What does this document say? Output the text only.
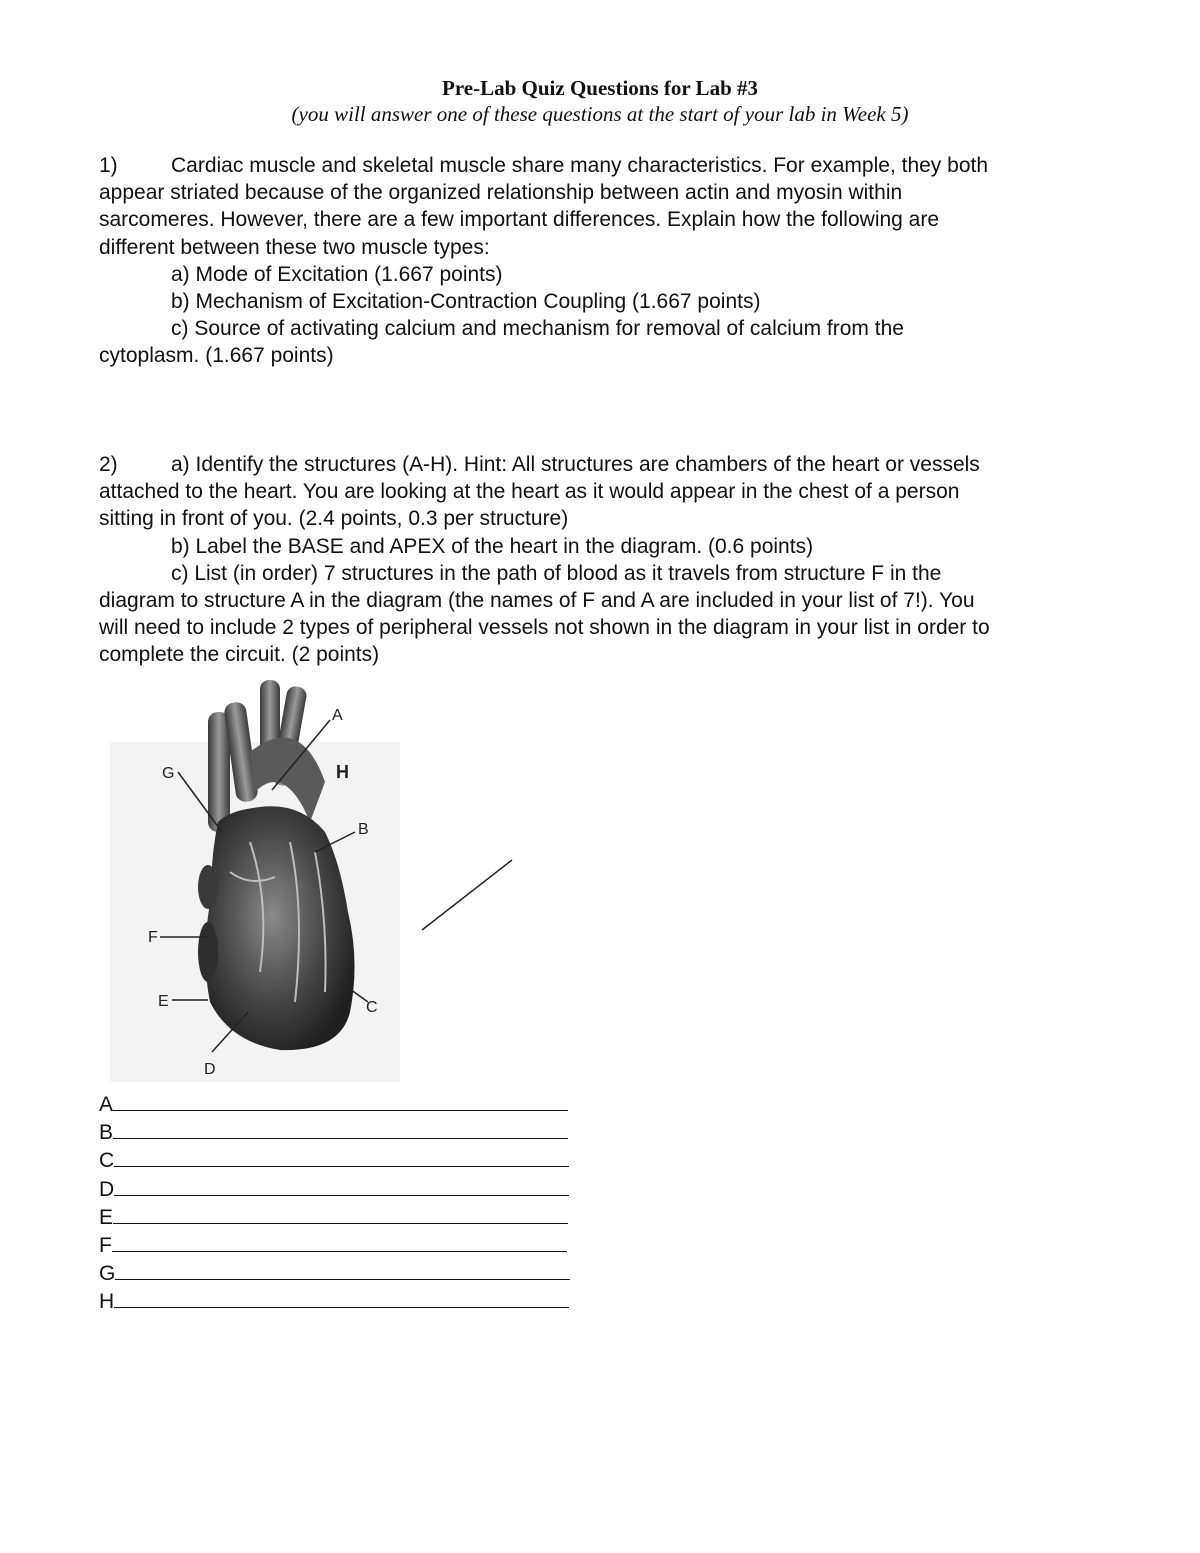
Pre-Lab Quiz Questions for Lab #3
(you will answer one of these questions at the start of your lab in Week 5)

1)	Cardiac muscle and skeletal muscle share many characteristics. For example, they both

appear striated because of the organized relationship between actin and myosin within

sarcomeres. However, there are a few important differences. Explain how the following are

different between these two muscle types:

a) Mode of Excitation (1.667 points)

b) Mechanism of Excitation-Contraction Coupling (1.667 points)

c) Source of activating calcium and mechanism for removal of calcium from the

cytoplasm. (1.667 points)

2)	a) Identify the structures (A-H). Hint: All structures are chambers of the heart or vessels

attached to the heart. You are looking at the heart as it would appear in the chest of a person

sitting in front of you. (2.4 points, 0.3 per structure)

b) Label the BASE and APEX of the heart in the diagram. (0.6 points)

c) List (in order) 7 structures in the path of blood as it travels from structure F in the

diagram to structure A in the diagram (the names of F and A are included in your list of 7!). You

will need to include 2 types of peripheral vessels not shown in the diagram in your list in order to

complete the circuit. (2 points)

A
H
B
G
F
E	C
D
A
B
C
D
E
F
G
H
